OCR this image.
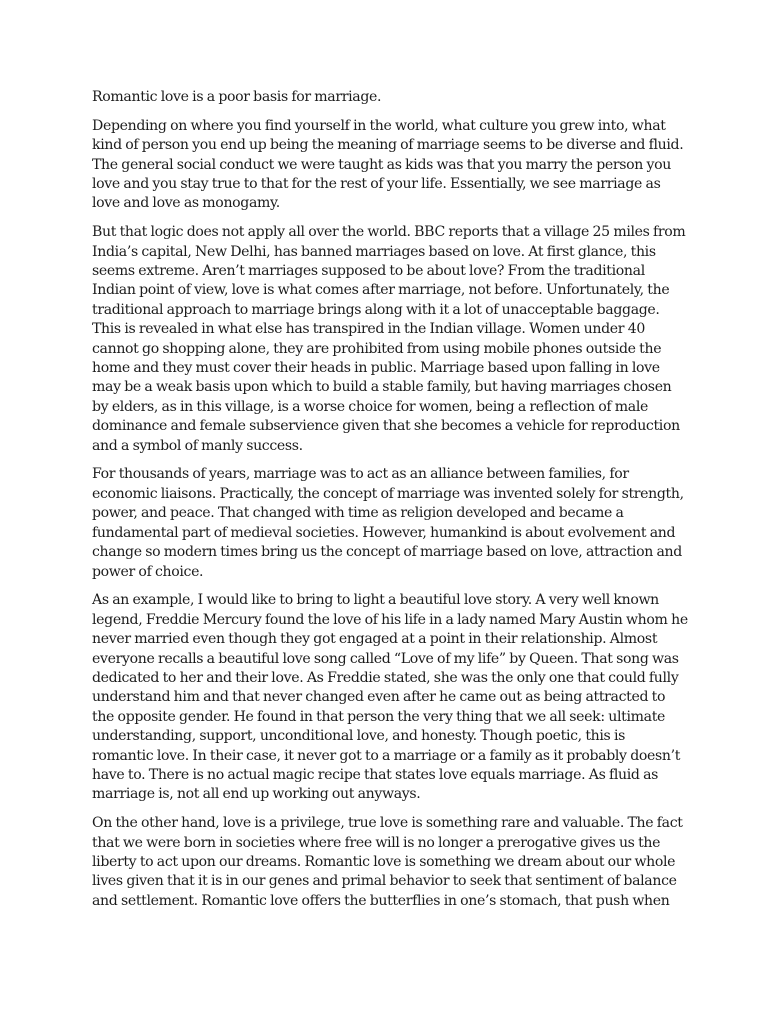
Romantic love is a poor basis for marriage.

Depending on where you find yourself in the world, what culture you grew into, what kind of person you end up being the meaning of marriage seems to be diverse and fluid. The general social conduct we were taught as kids was that you marry the person you love and you stay true to that for the rest of your life. Essentially, we see marriage as love and love as monogamy.

But that logic does not apply all over the world. BBC reports that a village 25 miles from India’s capital, New Delhi, has banned marriages based on love. At first glance, this seems extreme. Aren’t marriages supposed to be about love? From the traditional Indian point of view, love is what comes after marriage, not before. Unfortunately, the traditional approach to marriage brings along with it a lot of unacceptable baggage. This is revealed in what else has transpired in the Indian village. Women under 40 cannot go shopping alone, they are prohibited from using mobile phones outside the home and they must cover their heads in public. Marriage based upon falling in love may be a weak basis upon which to build a stable family, but having marriages chosen by elders, as in this village, is a worse choice for women, being a reflection of male dominance and female subservience given that she becomes a vehicle for reproduction and a symbol of manly success.

For thousands of years, marriage was to act as an alliance between families, for economic liaisons. Practically, the concept of marriage was invented solely for strength, power, and peace. That changed with time as religion developed and became a fundamental part of medieval societies. However, humankind is about evolvement and change so modern times bring us the concept of marriage based on love, attraction and power of choice.

As an example, I would like to bring to light a beautiful love story. A very well known legend, Freddie Mercury found the love of his life in a lady named Mary Austin whom he never married even though they got engaged at a point in their relationship. Almost everyone recalls a beautiful love song called “Love of my life” by Queen. That song was dedicated to her and their love. As Freddie stated, she was the only one that could fully understand him and that never changed even after he came out as being attracted to the opposite gender. He found in that person the very thing that we all seek: ultimate understanding, support, unconditional love, and honesty. Though poetic, this is romantic love. In their case, it never got to a marriage or a family as it probably doesn’t have to. There is no actual magic recipe that states love equals marriage. As fluid as marriage is, not all end up working out anyways.

On the other hand, love is a privilege, true love is something rare and valuable. The fact that we were born in societies where free will is no longer a prerogative gives us the liberty to act upon our dreams. Romantic love is something we dream about our whole lives given that it is in our genes and primal behavior to seek that sentiment of balance and settlement. Romantic love offers the butterflies in one’s stomach, that push when
